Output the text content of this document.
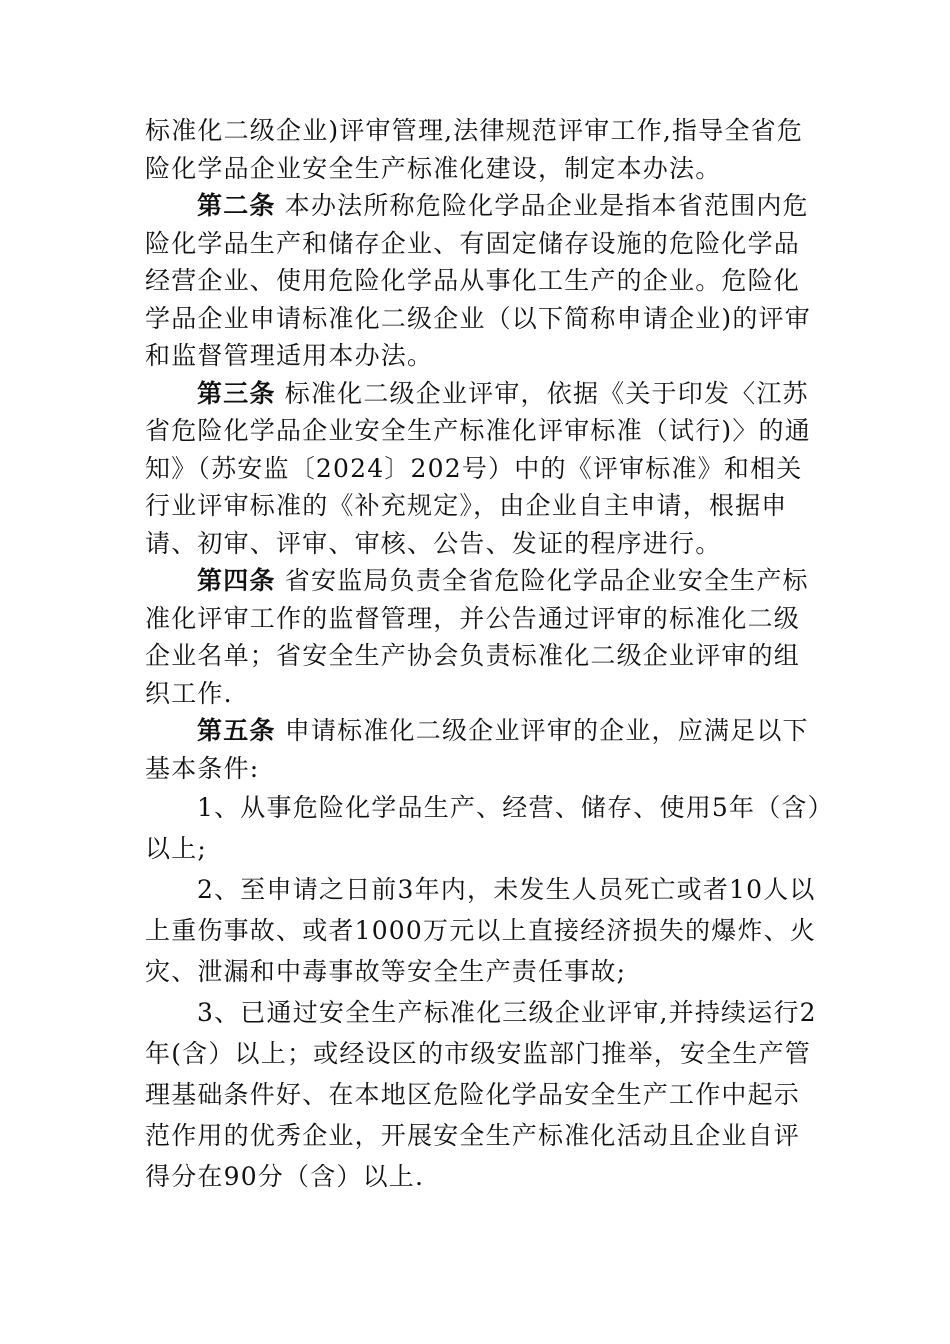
标准化二级企业)评审管理,法律规范评审工作,指导全省危险化学品企业安全生产标准化建设，制定本办法。

第二条 本办法所称危险化学品企业是指本省范围内危险化学品生产和储存企业、有固定储存设施的危险化学品经营企业、使用危险化学品从事化工生产的企业。危险化学品企业申请标准化二级企业（以下简称申请企业)的评审和监督管理适用本办法。

第三条 标准化二级企业评审，依据《关于印发〈江苏省危险化学品企业安全生产标准化评审标准（试行)〉的通知》（苏安监〔2024〕202号）中的《评审标准》和相关行业评审标准的《补充规定》，由企业自主申请，根据申请、初审、评审、审核、公告、发证的程序进行。

第四条 省安监局负责全省危险化学品企业安全生产标准化评审工作的监督管理，并公告通过评审的标准化二级企业名单；省安全生产协会负责标准化二级企业评审的组织工作.

第五条 申请标准化二级企业评审的企业，应满足以下基本条件:

1、从事危险化学品生产、经营、储存、使用5年（含）以上;

2、至申请之日前3年内，未发生人员死亡或者10人以上重伤事故、或者1000万元以上直接经济损失的爆炸、火灾、泄漏和中毒事故等安全生产责任事故;

3、已通过安全生产标准化三级企业评审,并持续运行2年(含）以上；或经设区的市级安监部门推举，安全生产管理基础条件好、在本地区危险化学品安全生产工作中起示范作用的优秀企业，开展安全生产标准化活动且企业自评得分在90分（含）以上.
